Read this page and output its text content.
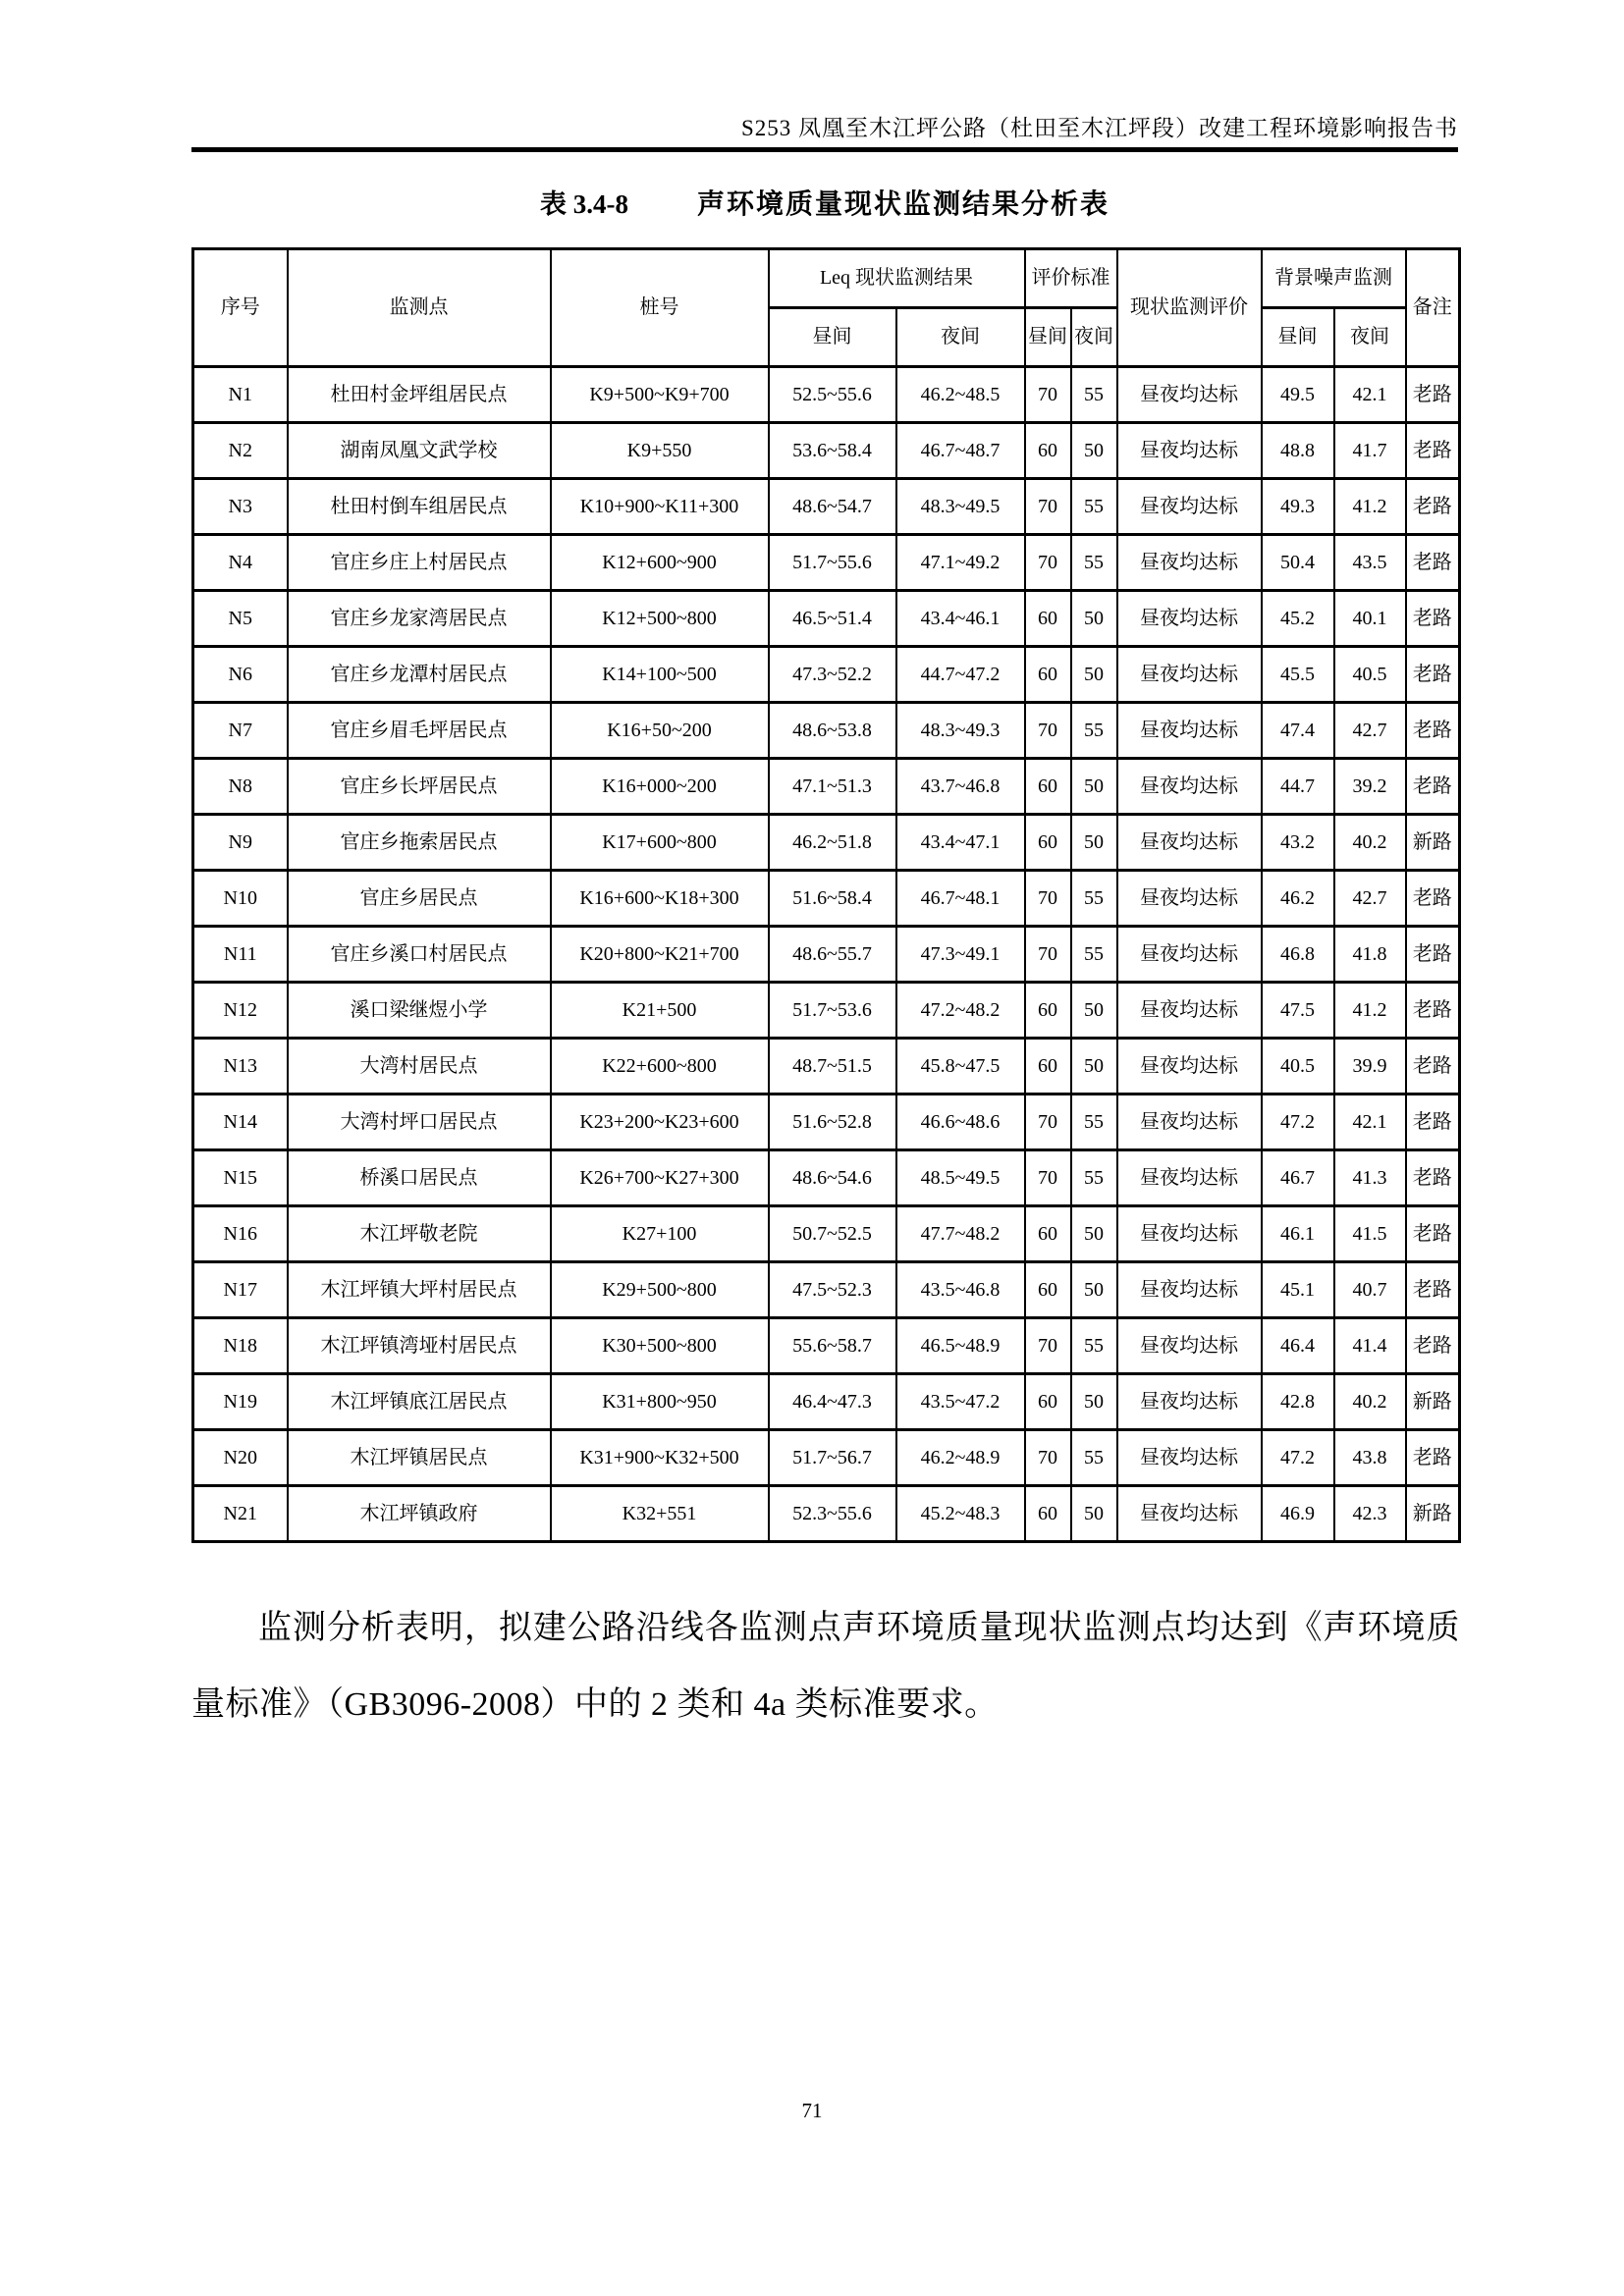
S253 凤凰至木江坪公路（杜田至木江坪段）改建工程环境影响报告书
表 3.4-8	声环境质量现状监测结果分析表
序号	监测点	桩号	Leq 现状监测结果		评价标准		现状监测评价	背景噪声监测		备注
			昼间	夜间	昼间	夜间		昼间	夜间	
N1	杜田村金坪组居民点	K9+500~K9+700	52.5~55.6	46.2~48.5	70	55	昼夜均达标	49.5	42.1	老路
N2	湖南凤凰文武学校	K9+550	53.6~58.4	46.7~48.7	60	50	昼夜均达标	48.8	41.7	老路
N3	杜田村倒车组居民点	K10+900~K11+300	48.6~54.7	48.3~49.5	70	55	昼夜均达标	49.3	41.2	老路
N4	官庄乡庄上村居民点	K12+600~900	51.7~55.6	47.1~49.2	70	55	昼夜均达标	50.4	43.5	老路
N5	官庄乡龙家湾居民点	K12+500~800	46.5~51.4	43.4~46.1	60	50	昼夜均达标	45.2	40.1	老路
N6	官庄乡龙潭村居民点	K14+100~500	47.3~52.2	44.7~47.2	60	50	昼夜均达标	45.5	40.5	老路
N7	官庄乡眉毛坪居民点	K16+50~200	48.6~53.8	48.3~49.3	70	55	昼夜均达标	47.4	42.7	老路
N8	官庄乡长坪居民点	K16+000~200	47.1~51.3	43.7~46.8	60	50	昼夜均达标	44.7	39.2	老路
N9	官庄乡拖索居民点	K17+600~800	46.2~51.8	43.4~47.1	60	50	昼夜均达标	43.2	40.2	新路
N10	官庄乡居民点	K16+600~K18+300	51.6~58.4	46.7~48.1	70	55	昼夜均达标	46.2	42.7	老路
N11	官庄乡溪口村居民点	K20+800~K21+700	48.6~55.7	47.3~49.1	70	55	昼夜均达标	46.8	41.8	老路
N12	溪口梁继煜小学	K21+500	51.7~53.6	47.2~48.2	60	50	昼夜均达标	47.5	41.2	老路
N13	大湾村居民点	K22+600~800	48.7~51.5	45.8~47.5	60	50	昼夜均达标	40.5	39.9	老路
N14	大湾村坪口居民点	K23+200~K23+600	51.6~52.8	46.6~48.6	70	55	昼夜均达标	47.2	42.1	老路
N15	桥溪口居民点	K26+700~K27+300	48.6~54.6	48.5~49.5	70	55	昼夜均达标	46.7	41.3	老路
N16	木江坪敬老院	K27+100	50.7~52.5	47.7~48.2	60	50	昼夜均达标	46.1	41.5	老路
N17	木江坪镇大坪村居民点	K29+500~800	47.5~52.3	43.5~46.8	60	50	昼夜均达标	45.1	40.7	老路
N18	木江坪镇湾垭村居民点	K30+500~800	55.6~58.7	46.5~48.9	70	55	昼夜均达标	46.4	41.4	老路
N19	木江坪镇底江居民点	K31+800~950	46.4~47.3	43.5~47.2	60	50	昼夜均达标	42.8	40.2	新路
N20	木江坪镇居民点	K31+900~K32+500	51.7~56.7	46.2~48.9	70	55	昼夜均达标	47.2	43.8	老路
N21	木江坪镇政府	K32+551	52.3~55.6	45.2~48.3	60	50	昼夜均达标	46.9	42.3	新路
监测分析表明，拟建公路沿线各监测点声环境质量现状监测点均达到《声环境质量标准》（GB3096-2008）中的 2 类和 4a 类标准要求。
71
